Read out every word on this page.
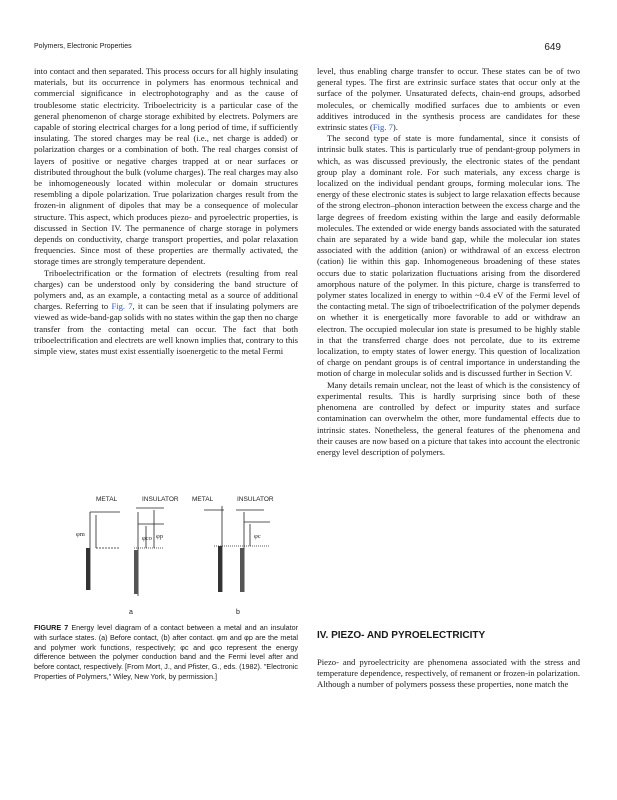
Polymers, Electronic Properties	649

into contact and then separated. This process occurs for all highly insulating materials, but its occurrence in polymers has enormous technical and commercial significance in electrophotography and as the cause of troublesome static electricity. Triboelectricity is a particular case of the general phenomenon of charge storage exhibited by electrets. Polymers are capable of storing electrical charges for a long period of time, if sufficiently insulating. The stored charges may be real (i.e., net charge is added) or polarization charges or a combination of both. The real charges consist of layers of positive or negative charges trapped at or near surfaces or distributed throughout the bulk (volume charges). The real charges may also be inhomogeneously located within molecular or domain structures resembling a dipole polarization. True polarization charges result from the frozen-in alignment of dipoles that may be a consequence of molecular structure. This aspect, which produces piezo- and pyroelectric properties, is discussed in Section IV. The permanence of charge storage in polymers depends on conductivity, charge transport properties, and polar relaxation frequencies. Since most of these properties are thermally activated, the storage times are strongly temperature dependent.

Triboelectrification or the formation of electrets (resulting from real charges) can be understood only by considering the band structure of polymers and, as an example, a contacting metal as a source of additional charges. Referring to Fig. 7, it can be seen that if insulating polymers are viewed as wide-band-gap solids with no states within the gap then no charge transfer from the contacting metal can occur. The fact that both triboelectrification and electrets are well known implies that, contrary to this simple view, states must exist essentially isoenergetic to the metal Fermi

METAL	INSULATOR METAL	INSULATOR
φm
φco φp	φc
a	b
FIGURE 7 Energy level diagram of a contact between a metal and an insulator with surface states. (a) Before contact, (b) after contact. φm and φp are the metal and polymer work functions, respectively; φc and φco represent the energy difference between the polymer conduction band and the Fermi level after and before contact, respectively. [From Mort, J., and Pfister, G., eds. (1982). "Electronic Properties of Polymers," Wiley, New York, by permission.]

level, thus enabling charge transfer to occur. These states can be of two general types. The first are extrinsic surface states that occur only at the surface of the polymer. Unsaturated defects, chain-end groups, adsorbed molecules, or chemically modified surfaces due to ambients or even additives introduced in the synthesis process are candidates for these extrinsic states (Fig. 7).

The second type of state is more fundamental, since it consists of intrinsic bulk states. This is particularly true of pendant-group polymers in which, as was discussed previously, the electronic states of the pendant group play a dominant role. For such materials, any excess charge is localized on the individual pendant groups, forming molecular ions. The energy of these electronic states is subject to large relaxation effects because of the strong electron–phonon interaction between the excess charge and the large degrees of freedom existing within the large and easily deformable molecules. The extended or wide energy bands associated with the saturated chain are separated by a wide band gap, while the molecular ion states associated with the addition (anion) or withdrawal of an excess electron (cation) lie within this gap. Inhomogeneous broadening of these states occurs due to static polarization fluctuations arising from the disordered amorphous nature of the polymer. In this picture, charge is transferred to polymer states localized in energy to within ~0.4 eV of the Fermi level of the contacting metal. The sign of triboelectrification of the polymer depends on whether it is energetically more favorable to add or withdraw an electron. The occupied molecular ion state is presumed to be highly stable in that the transferred charge does not percolate, due to its extreme localization, to empty states of lower energy. This question of localization of charge on pendant groups is of central importance in understanding the motion of charge in molecular solids and is discussed further in Section V.

Many details remain unclear, not the least of which is the consistency of experimental results. This is hardly surprising since both of these phenomena are controlled by defect or impurity states and surface contamination can overwhelm the other, more fundamental effects due to intrinsic states. Nonetheless, the general features of the phenomena and their causes are now based on a picture that takes into account the electronic energy level description of polymers.

IV. PIEZO- AND PYROELECTRICITY

Piezo- and pyroelectricity are phenomena associated with the stress and temperature dependence, respectively, of remanent or frozen-in polarization. Although a number of polymers possess these properties, none match the
